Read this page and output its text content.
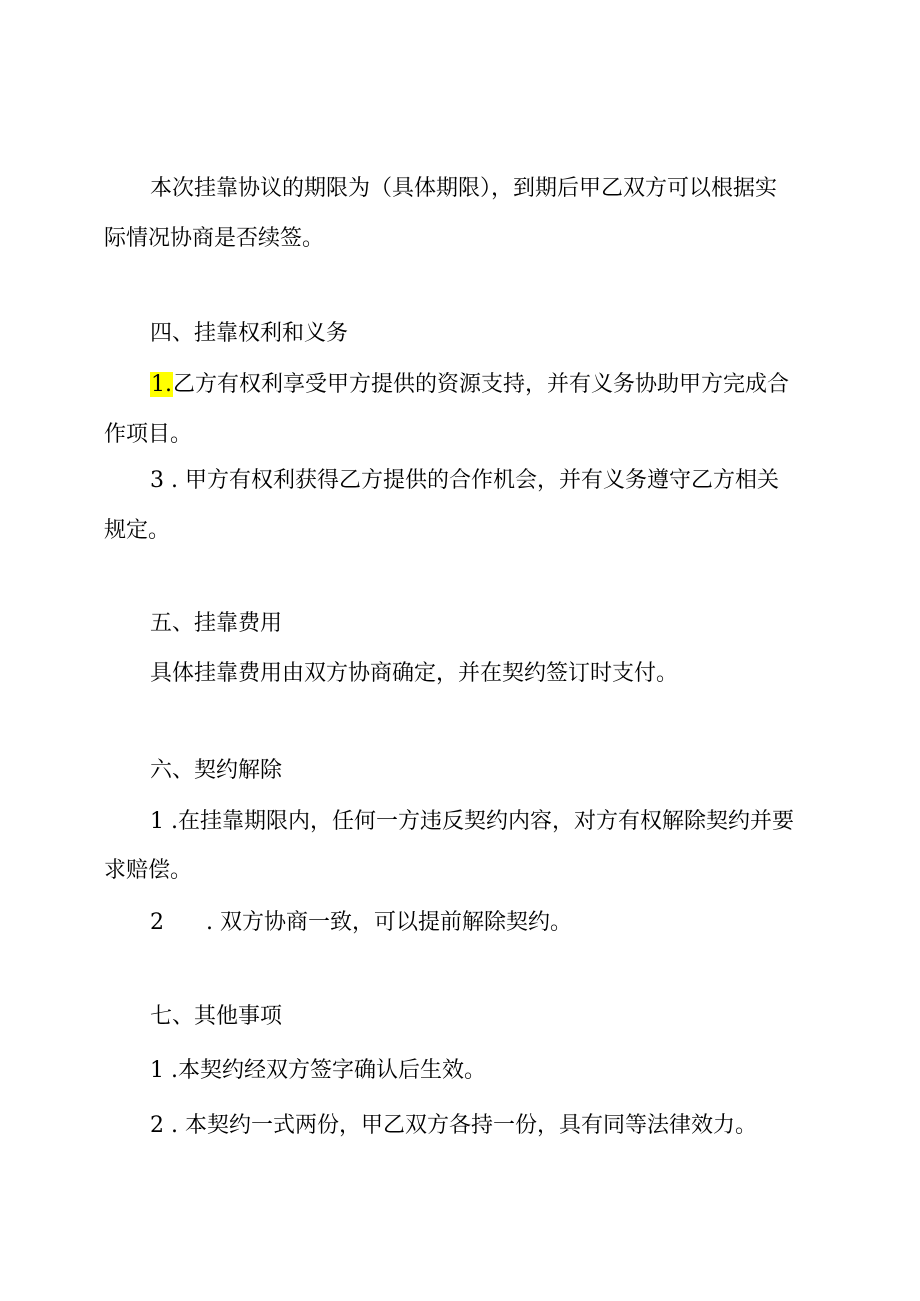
本次挂靠协议的期限为（具体期限），到期后甲乙双方可以根据实

际情况协商是否续签。

四、挂靠权利和义务

1.乙方有权利享受甲方提供的资源支持，并有义务协助甲方完成合

作项目。

3 . 甲方有权利获得乙方提供的合作机会，并有义务遵守乙方相关

规定。

五、挂靠费用

具体挂靠费用由双方协商确定，并在契约签订时支付。

六、契约解除

1 .在挂靠期限内，任何一方违反契约内容，对方有权解除契约并要

求赔偿。

2 . 双方协商一致，可以提前解除契约。

七、其他事项

1 .本契约经双方签字确认后生效。

2 . 本契约一式两份，甲乙双方各持一份，具有同等法律效力。
